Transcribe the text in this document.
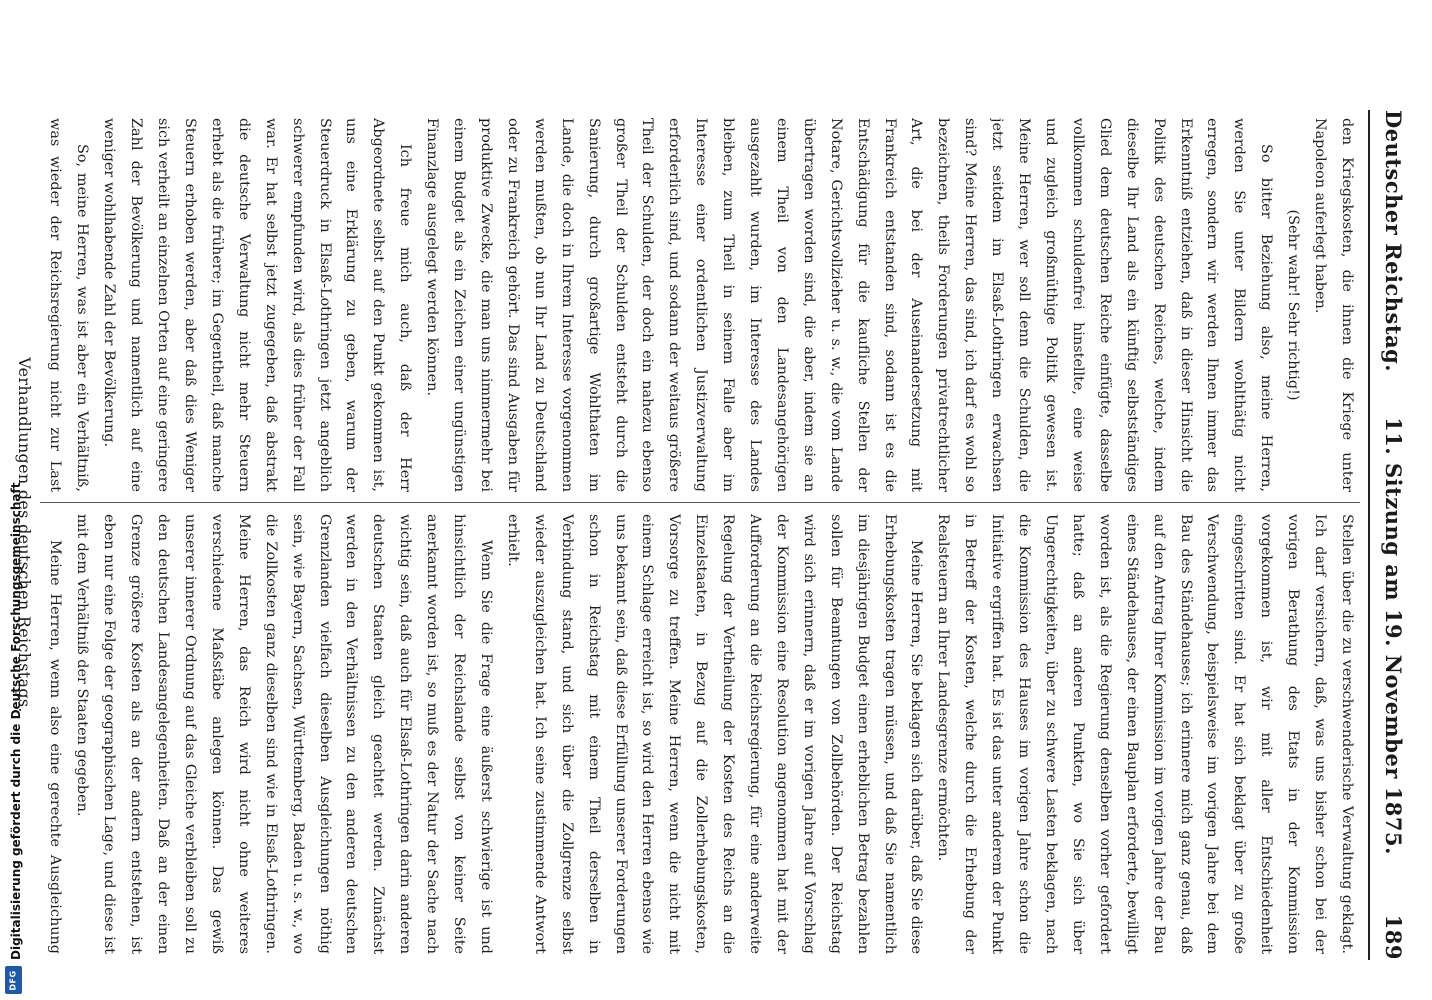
Deutscher Reichstag.
11. Sitzung am 19. November 1875.
189

den Kriegskosten, die ihnen die Kriege unter Napoleon auferlegt haben.

(Sehr wahr! Sehr richtig!)

So bitter Beziehung also, meine Herren, werden Sie unter Bildern wohlthätig nicht erregen, sondern wir werden Ihnen immer das Erkenntniß entziehen, daß in dieser Hinsicht die Politik des deutschen Reiches, welche, indem dieselbe Ihr Land als ein künftig selbstständiges Glied dem deutschen Reiche einfügte, dasselbe vollkommen schuldenfrei hinstellte, eine weise und zugleich großmüthige Politik gewesen ist. Meine Herren, wer soll denn die Schulden, die jetzt seitdem im Elsaß-Lothringen erwachsen sind? Meine Herren, das sind, ich darf es wohl so bezeichnen, theils Forderungen privatrechtlicher Art, die bei der Auseinandersetzung mit Frankreich entstanden sind, sodann ist es die Entschädigung für die kaufliche Stellen der Notare, Gerichtsvollzieher u. s. w., die vom Lande übertragen worden sind, die aber, indem sie an einem Theil von den Landesangehörigen ausgezahlt wurden, im Interesse des Landes bleiben, zum Theil in seinem Falle aber im Interesse einer ordentlichen Justizverwaltung erforderlich sind, und sodann der weitaus größere Theil der Schulden, der doch ein nahezu ebenso großer Theil der Schulden entsteht durch die Sanierung, durch großartige Wohlthaten im Lande, die doch in Ihrem Interesse vorgenommen werden mußten, ob nun Ihr Land zu Deutschland oder zu Frankreich gehört. Das sind Ausgaben für produktive Zwecke, die man uns nimmermehr bei einem Budget als ein Zeichen einer ungünstigen Finanzlage ausgelegt werden können.

Ich freue mich auch, daß der Herr Abgeordnete selbst auf den Punkt gekommen ist, uns eine Erklärung zu geben, warum der Steuerdruck in Elsaß-Lothringen jetzt angeblich schwerer empfunden wird, als dies früher der Fall war. Er hat selbst jetzt zugegeben, daß abstrakt die deutsche Verwaltung nicht mehr Steuern erhebt als die frühere; im Gegentheil, daß manche Steuern erhoben werden, aber daß dies Weniger sich verheilt an einzelnen Orten auf eine geringere Zahl der Bevölkerung und namentlich auf eine weniger wohlhabende Zahl der Bevölkerung.

So, meine Herren, was ist aber ein Verhältniß, was wieder der Reichsregierung nicht zur Last

Stellen über die zu verschwenderische Verwaltung geklagt. Ich darf versichern, daß, was uns bisher schon bei der vorigen Berathung des Etats in der Kommission vorgekommen ist, wir mit aller Entschiedenheit eingeschritten sind. Er hat sich beklagt über zu große Verschwendung, beispielsweise im vorigen Jahre bei dem Bau des Ständehauses; ich erinnere mich ganz genau, daß auf den Antrag Ihrer Kommission im vorigen Jahre der Bau eines Ständehauses, der einen Bauplan erforderte, bewilligt worden ist, als die Regierung denselben vorher gefordert hatte; daß an anderen Punkten, wo Sie sich über Ungerechtigkeiten, über zu schwere Lasten beklagen, nach die Kommission des Hauses im vorigen Jahre schon die Initiative ergriffen hat. Es ist das unter anderem der Punkt in Betreff der Kosten, welche durch die Erhebung der Realsteuern an Ihrer Landesgrenze ermöchten.

Meine Herren, Sie beklagen sich darüber, daß Sie diese Erhebungskosten tragen müssen, und daß Sie namentlich im diesjährigen Budget einen erheblichen Betrag bezahlen sollen für Beamtungen von Zollbehörden. Der Reichstag wird sich erinnern, daß er im vorigen Jahre auf Vorschlag der Kommission eine Resolution angenommen hat mit der Aufforderung an die Reichsregierung, für eine anderweite Regelung der Vertheilung der Kosten des Reichs an die Einzelstaaten, in Bezug auf die Zollerhebungskosten, Vorsorge zu treffen. Meine Herren, wenn die nicht mit einem Schlage erreicht ist, so wird den Herren ebenso wie uns bekannt sein, daß diese Erfüllung unserer Forderungen schon in Reichstag mit einem Theil derselben in Verbindung stand, und sich über die Zollgrenze selbst wieder auszugleichen hat. Ich seine zustimmende Antwort erhielt.

Wenn Sie die Frage eine äußerst schwierige ist und hinsichtlich der Reichslande selbst von keiner Seite anerkannt worden ist, so muß es der Natur der Sache nach wichtig sein, daß auch für Elsaß-Lothringen darin anderen deutschen Staaten gleich geachtet werden. Zunächst werden in den Verhältnissen zu den anderen deutschen Grenzlanden vielfach dieselben Ausgleichungen nöthig sein, wie Bayern, Sachsen, Württemberg, Baden u. s. w., wo die Zollkosten ganz dieselben sind wie in Elsaß-Lothringen. Meine Herren, das Reich wird nicht ohne weiteres verschiedene Maßstäbe anlegen können. Das gewiß unserer innerer Ordnung auf das Gleiche verbleiben soll zu den deutschen Landesangelegenheiten. Daß an der einen Grenze größere Kosten als an der andern entstehen, ist eben nur eine Folge der geographischen Lage, und diese ist mit dem Verhältniß der Staaten gegeben.

Meine Herren, wenn also eine gerechte Ausgleichung

Verhandlungen des deutschen Reichstags.
Digitalisierung gefördert durch die Deutsche Forschungsgemeinschaft
DFG
